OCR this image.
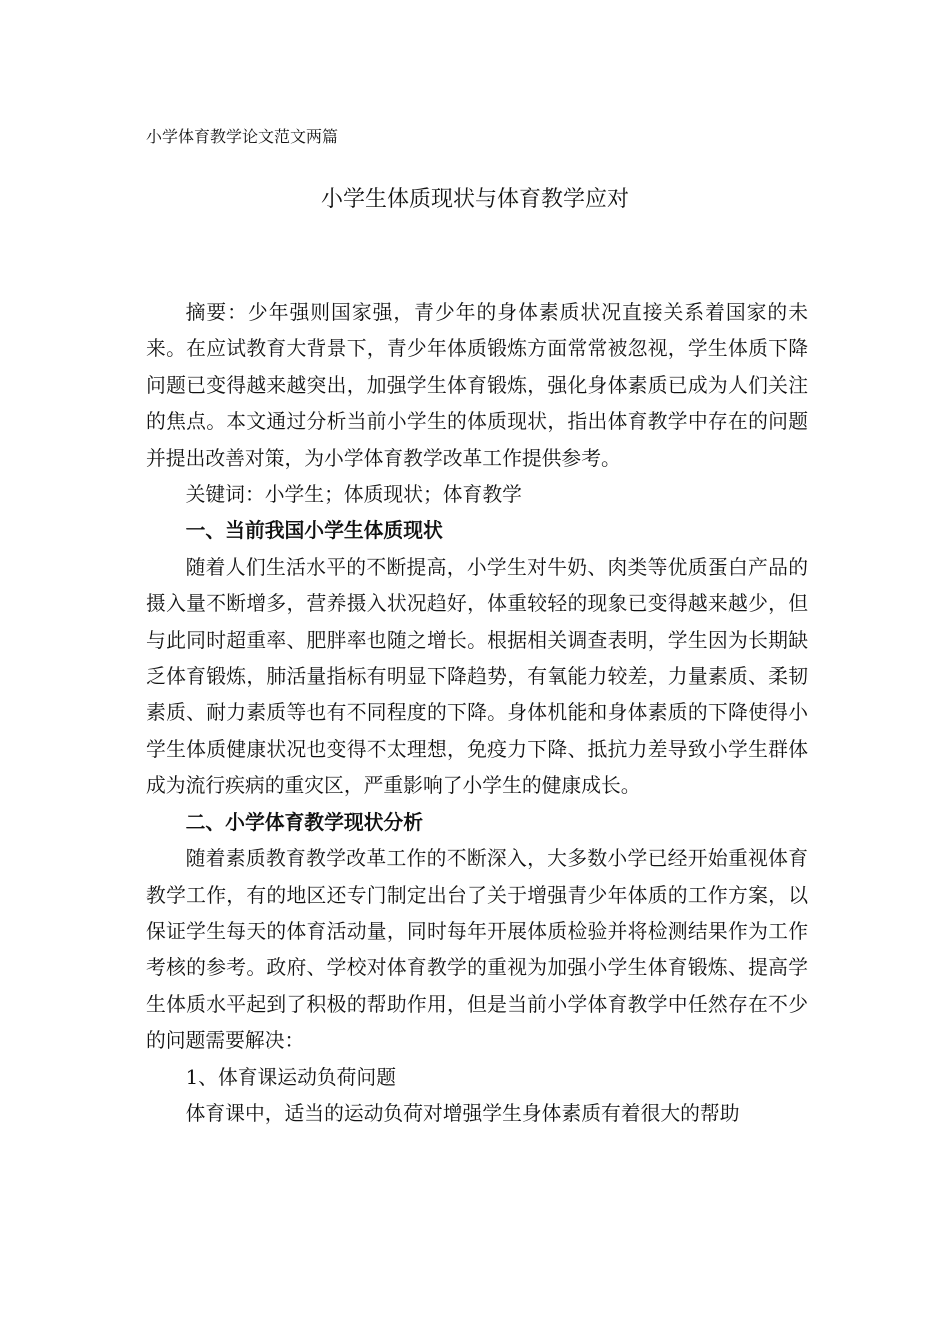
小学体育教学论文范文两篇
小学生体质现状与体育教学应对

摘要：少年强则国家强，青少年的身体素质状况直接关系着国家的未来。在应试教育大背景下，青少年体质锻炼方面常常被忽视，学生体质下降问题已变得越来越突出，加强学生体育锻炼，强化身体素质已成为人们关注的焦点。本文通过分析当前小学生的体质现状，指出体育教学中存在的问题并提出改善对策，为小学体育教学改革工作提供参考。

关键词：小学生；体质现状；体育教学

一、当前我国小学生体质现状

随着人们生活水平的不断提高，小学生对牛奶、肉类等优质蛋白产品的摄入量不断增多，营养摄入状况趋好，体重较轻的现象已变得越来越少，但与此同时超重率、肥胖率也随之增长。根据相关调查表明，学生因为长期缺乏体育锻炼，肺活量指标有明显下降趋势，有氧能力较差，力量素质、柔韧素质、耐力素质等也有不同程度的下降。身体机能和身体素质的下降使得小学生体质健康状况也变得不太理想，免疫力下降、抵抗力差导致小学生群体成为流行疾病的重灾区，严重影响了小学生的健康成长。

二、小学体育教学现状分析

随着素质教育教学改革工作的不断深入，大多数小学已经开始重视体育教学工作，有的地区还专门制定出台了关于增强青少年体质的工作方案，以保证学生每天的体育活动量，同时每年开展体质检验并将检测结果作为工作考核的参考。政府、学校对体育教学的重视为加强小学生体育锻炼、提高学生体质水平起到了积极的帮助作用，但是当前小学体育教学中任然存在不少的问题需要解决：

1、体育课运动负荷问题

体育课中，适当的运动负荷对增强学生身体素质有着很大的帮助
